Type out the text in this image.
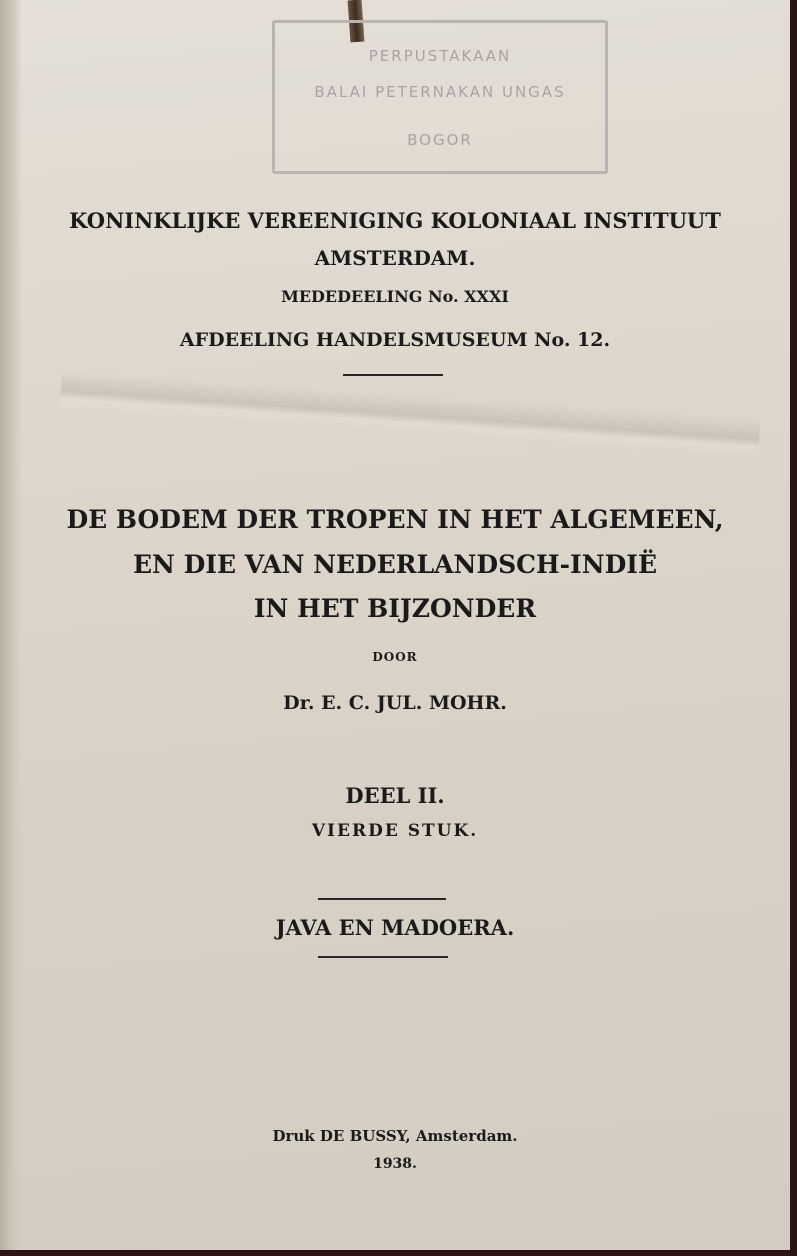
PERPUSTAKAAN
BALAI PETERNAKAN UNGAS
BOGOR
KONINKLIJKE VEREENIGING KOLONIAAL INSTITUUT
AMSTERDAM.
MEDEDEELING No. XXXI
AFDEELING HANDELSMUSEUM No. 12.
DE BODEM DER TROPEN IN HET ALGEMEEN,
EN DIE VAN NEDERLANDSCH-INDIË
IN HET BIJZONDER
DOOR
Dr. E. C. JUL. MOHR.
DEEL II.
VIERDE STUK.
JAVA EN MADOERA.
Druk DE BUSSY, Amsterdam.
1938.
